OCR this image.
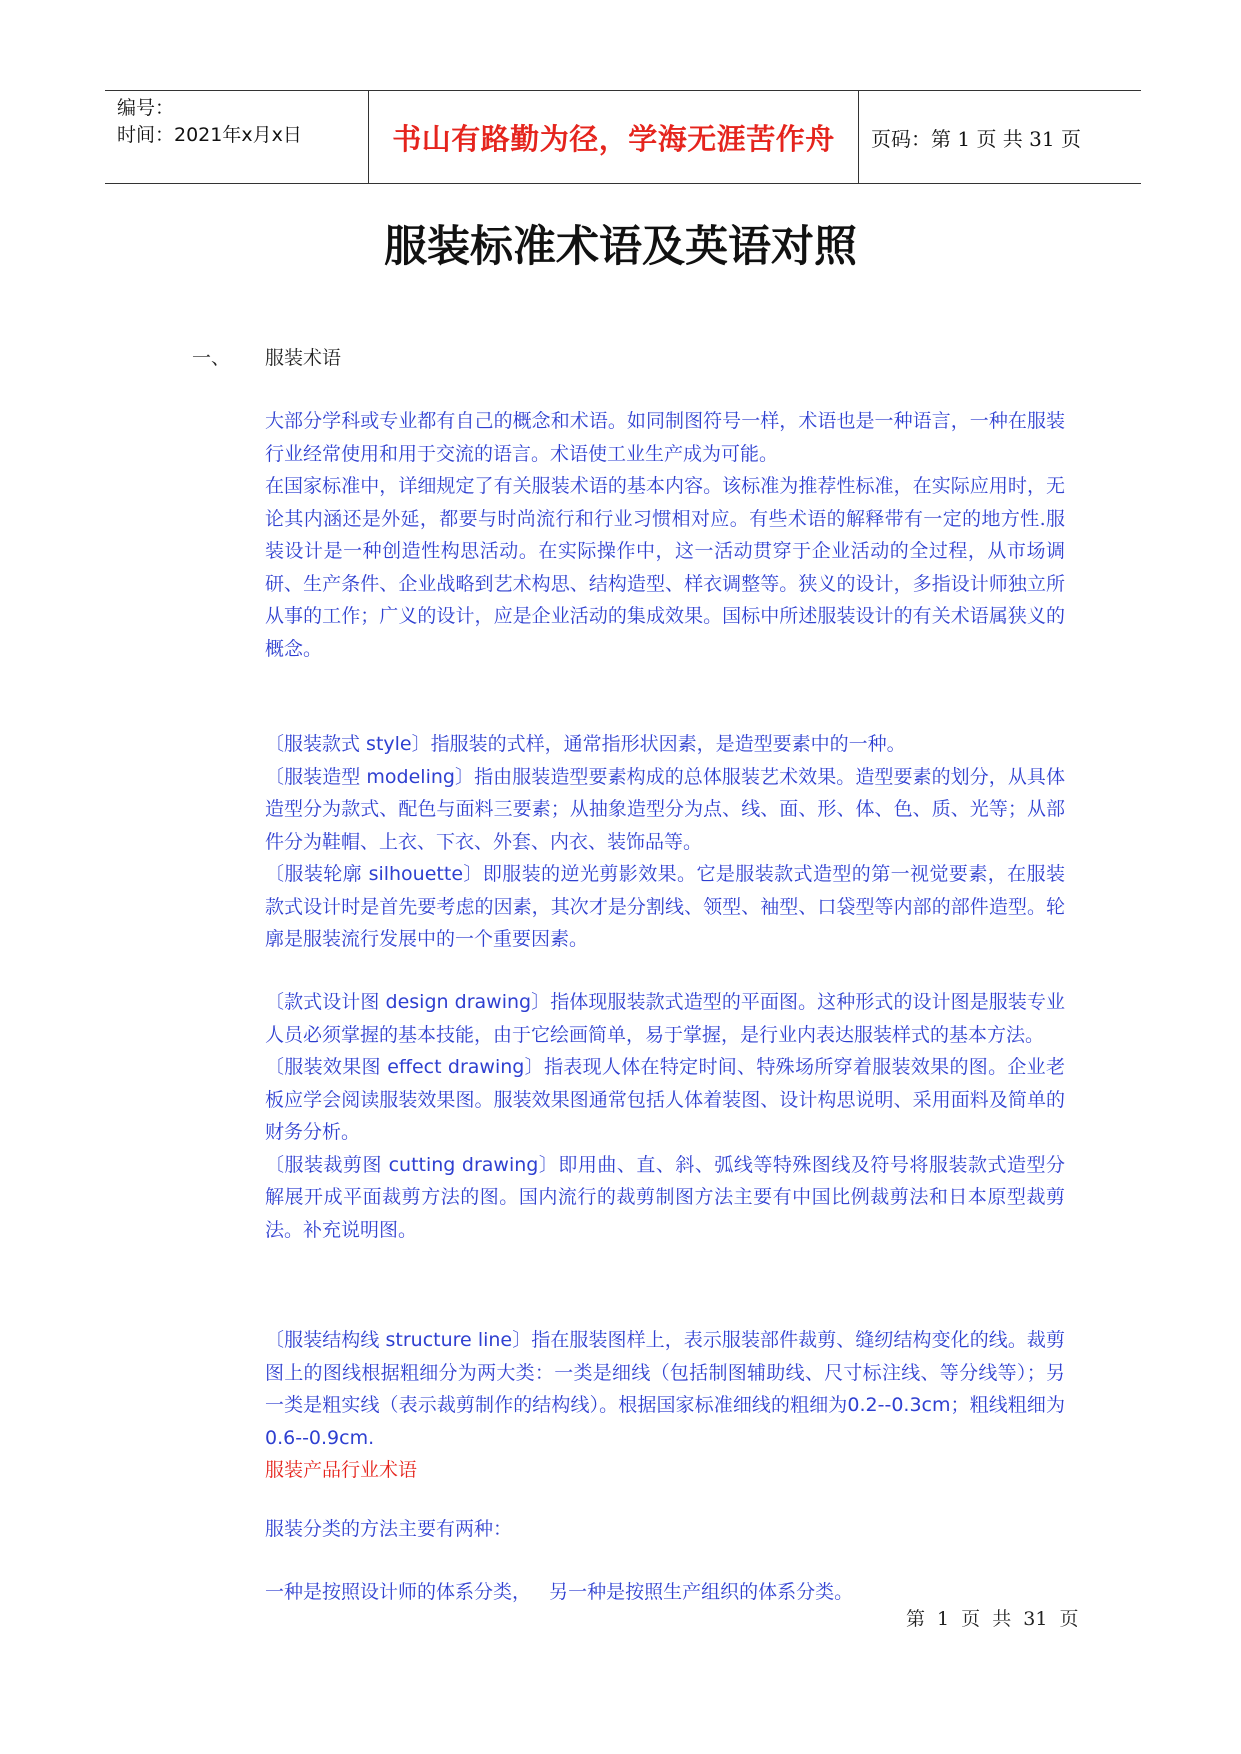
编号：
时间：2021年x月x日	书山有路勤为径，学海无涯苦作舟	页码：第 1 页 共 31 页
服装标准术语及英语对照
一、 服装术语

大部分学科或专业都有自己的概念和术语。如同制图符号一样，术语也是一种语言，一种在服装行业经常使用和用于交流的语言。术语使工业生产成为可能。

在国家标准中，详细规定了有关服装术语的基本内容。该标准为推荐性标准，在实际应用时，无论其内涵还是外延，都要与时尚流行和行业习惯相对应。有些术语的解释带有一定的地方性.服装设计是一种创造性构思活动。在实际操作中，这一活动贯穿于企业活动的全过程，从市场调研、生产条件、企业战略到艺术构思、结构造型、样衣调整等。狭义的设计，多指设计师独立所从事的工作；广义的设计，应是企业活动的集成效果。国标中所述服装设计的有关术语属狭义的概念。

〔服装款式 style〕指服装的式样，通常指形状因素，是造型要素中的一种。

〔服装造型 modeling〕指由服装造型要素构成的总体服装艺术效果。造型要素的划分，从具体造型分为款式、配色与面料三要素；从抽象造型分为点、线、面、形、体、色、质、光等；从部件分为鞋帽、上衣、下衣、外套、内衣、装饰品等。

〔服装轮廓 silhouette〕即服装的逆光剪影效果。它是服装款式造型的第一视觉要素，在服装款式设计时是首先要考虑的因素，其次才是分割线、领型、袖型、口袋型等内部的部件造型。轮廓是服装流行发展中的一个重要因素。

〔款式设计图 design drawing〕指体现服装款式造型的平面图。这种形式的设计图是服装专业人员必须掌握的基本技能，由于它绘画简单，易于掌握，是行业内表达服装样式的基本方法。

〔服装效果图 effect drawing〕指表现人体在特定时间、特殊场所穿着服装效果的图。企业老板应学会阅读服装效果图。服装效果图通常包括人体着装图、设计构思说明、采用面料及简单的财务分析。

〔服装裁剪图 cutting drawing〕即用曲、直、斜、弧线等特殊图线及符号将服装款式造型分解展开成平面裁剪方法的图。国内流行的裁剪制图方法主要有中国比例裁剪法和日本原型裁剪法。补充说明图。

〔服装结构线 structure line〕指在服装图样上，表示服装部件裁剪、缝纫结构变化的线。裁剪图上的图线根据粗细分为两大类：一类是细线（包括制图辅助线、尺寸标注线、等分线等）；另一类是粗实线（表示裁剪制作的结构线）。根据国家标准细线的粗细为0.2--0.3cm；粗线粗细为0.6--0.9cm.

服装产品行业术语

服装分类的方法主要有两种：
一种是按照设计师的体系分类，   另一种是按照生产组织的体系分类。
第 1 页 共 31 页
